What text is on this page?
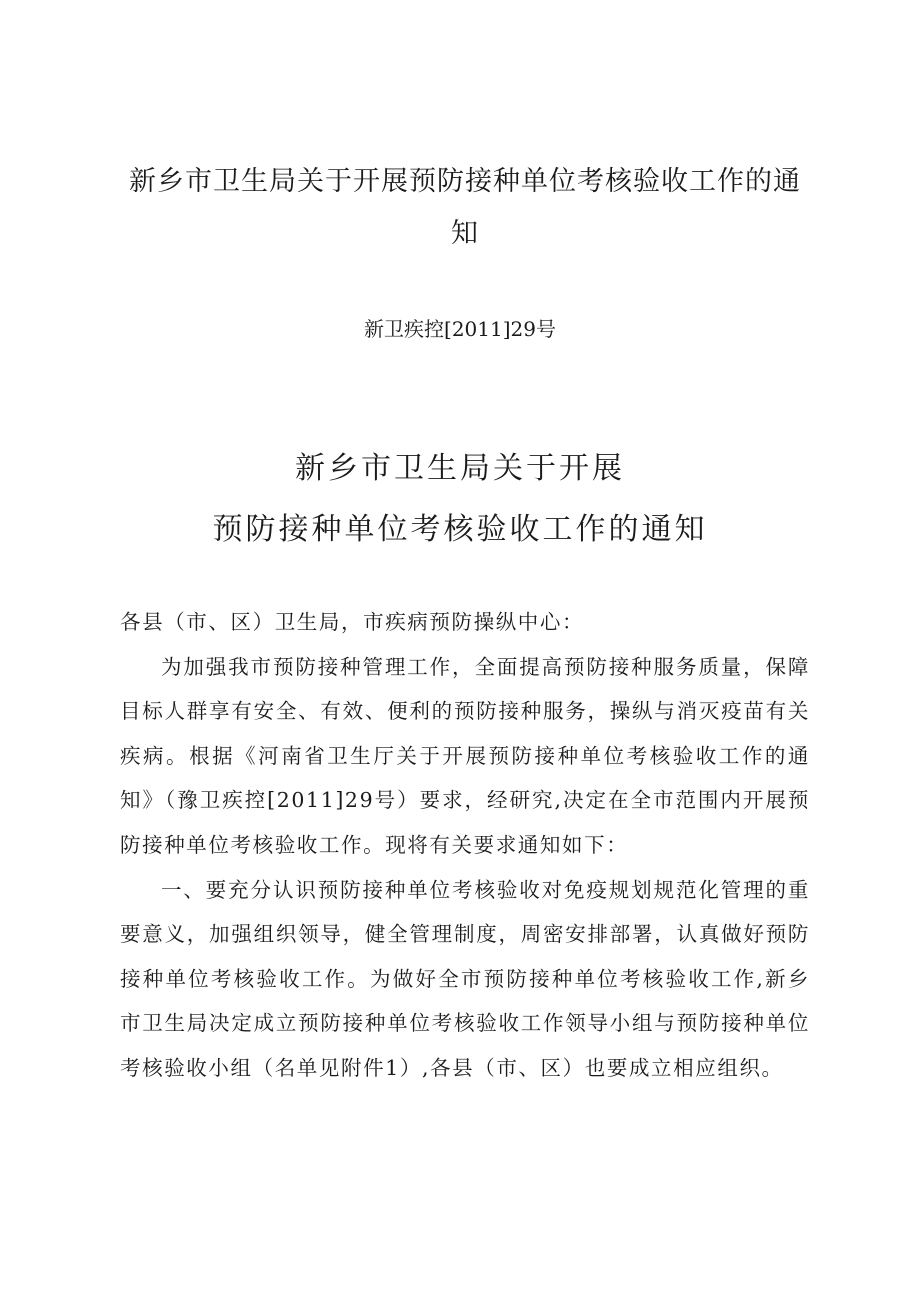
新乡市卫生局关于开展预防接种单位考核验收工作的通知
新卫疾控[2011]29号
新乡市卫生局关于开展
预防接种单位考核验收工作的通知

各县（市、区）卫生局，市疾病预防操纵中心：

为加强我市预防接种管理工作，全面提高预防接种服务质量，保障目标人群享有安全、有效、便利的预防接种服务，操纵与消灭疫苗有关疾病。根据《河南省卫生厅关于开展预防接种单位考核验收工作的通知》（豫卫疾控[2011]29号）要求，经研究,决定在全市范围内开展预防接种单位考核验收工作。现将有关要求通知如下：

一、要充分认识预防接种单位考核验收对免疫规划规范化管理的重要意义，加强组织领导，健全管理制度，周密安排部署，认真做好预防接种单位考核验收工作。为做好全市预防接种单位考核验收工作,新乡市卫生局决定成立预防接种单位考核验收工作领导小组与预防接种单位考核验收小组（名单见附件1）,各县（市、区）也要成立相应组织。
